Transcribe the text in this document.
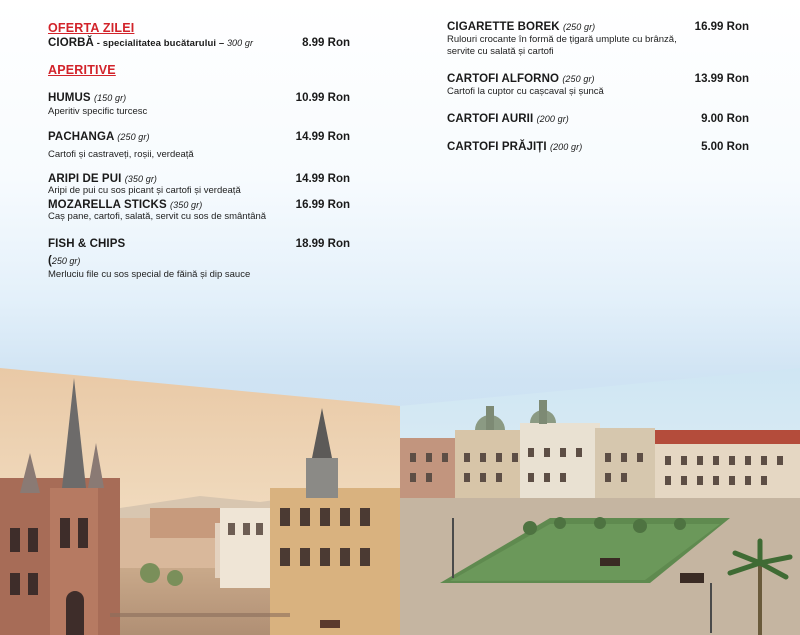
OFERTA ZILEI
CIORBĂ - specialitatea bucătarului – 300 gr	8.99 Ron
APERITIVE
HUMUS (150 gr)	10.99 Ron
Aperitiv specific turcesc
PACHANGA (250 gr)	14.99 Ron
Cartofi și castraveți, roșii, verdeață
ARIPI DE PUI (350 gr)	14.99 Ron
Aripi de pui cu sos picant și cartofi și verdeață
MOZARELLA STICKS (350 gr)	16.99 Ron
Caș pane, cartofi, salată, servit cu sos de smântână
FISH & CHIPS	18.99 Ron
(250 gr)
Merluciu file cu sos special de făină și dip sauce
CIGARETTE BOREK (250 gr)	16.99 Ron
Rulouri crocante în formă de țigară umplute cu brânză,
servite cu salată și cartofi
CARTOFI ALFORNO (250 gr)	13.99 Ron
Cartofi la cuptor cu cașcaval și șuncă
CARTOFI AURII (200 gr)	9.00 Ron
CARTOFI PRĂJIȚI (200 gr)	5.00 Ron
